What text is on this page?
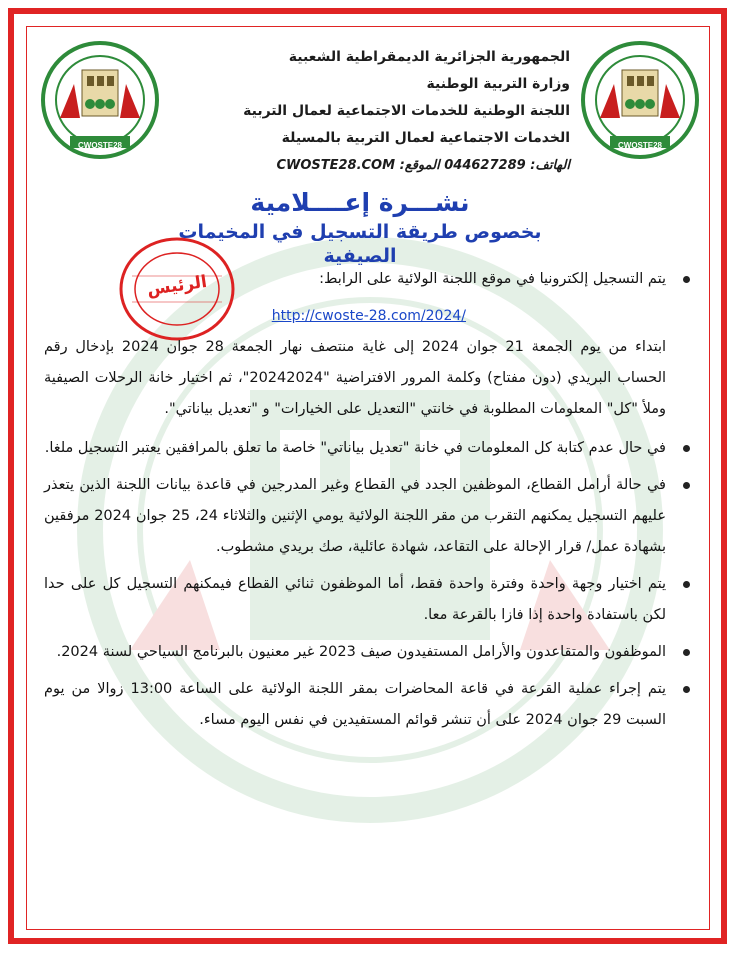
CWOSTE28	CWOSTE28
الجمهورية الجزائرية الديمقراطية الشعبية
وزارة التربية الوطنية
اللجنة الوطنية للخدمات الاجتماعية لعمال التربية
الخدمات الاجتماعية لعمال التربية بالمسيلة
الهاتف: 044627289 الموقع: CWOSTE28.COM
نشـــرة إعــــلامية
بخصوص طريقة التسجيل في المخيمات الصيفية
الرئيس	يتم التسجيل إلكترونيا في موقع اللجنة الولائية على الرابط:
http://cwoste-28.com/2024/
ابتداء من يوم الجمعة 21 جوان 2024 إلى غاية منتصف نهار الجمعة 28 جوان 2024 بإدخال رقم الحساب البريدي (دون مفتاح) وكلمة المرور الافتراضية "20242024"، ثم اختيار خانة الرحلات الصيفية وملأ "كل" المعلومات المطلوبة في خانتي "التعديل على الخيارات" و "تعديل بياناتي".
في حال عدم كتابة كل المعلومات في خانة "تعديل بياناتي" خاصة ما تعلق بالمرافقين يعتبر التسجيل ملغا.
في حالة أرامل القطاع، الموظفين الجدد في القطاع وغير المدرجين في قاعدة بيانات اللجنة الذين يتعذر عليهم التسجيل يمكنهم التقرب من مقر اللجنة الولائية يومي الإثنين والثلاثاء 24، 25 جوان 2024 مرفقين بشهادة عمل/ قرار الإحالة على التقاعد، شهادة عائلية، صك بريدي مشطوب.
يتم اختيار وجهة واحدة وفترة واحدة فقط، أما الموظفون ثنائي القطاع فيمكنهم التسجيل كل على حدا لكن باستفادة واحدة إذا فازا بالقرعة معا.
الموظفون والمتقاعدون والأرامل المستفيدون صيف 2023 غير معنيون بالبرنامج السياحي لسنة 2024.
يتم إجراء عملية القرعة في قاعة المحاضرات بمقر اللجنة الولائية على الساعة 13:00 زوالا من يوم السبت 29 جوان 2024 على أن تنشر قوائم المستفيدين في نفس اليوم مساء.
